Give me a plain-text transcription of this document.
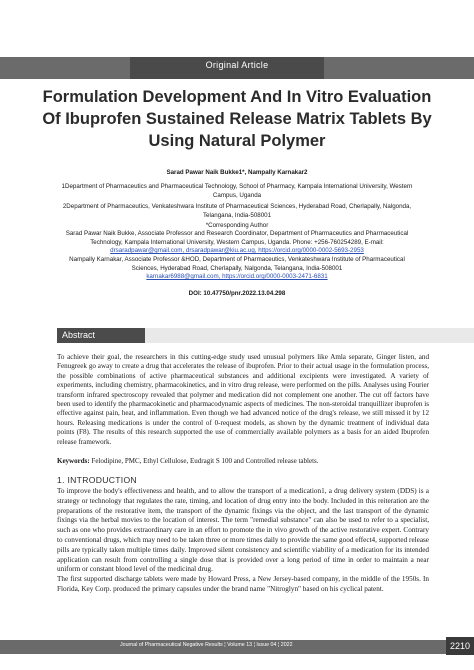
Original Article
Formulation Development And In Vitro Evaluation Of Ibuprofen Sustained Release Matrix Tablets By Using Natural Polymer
Sarad Pawar Naik Bukke1*, Nampally Karnakar2
1Department of Pharmaceutics and Pharmaceutical Technology, School of Pharmacy, Kampala International University, Western Campus, Uganda
2Department of Pharmaceutics, Venkateshwara Institute of Pharmaceutical Sciences, Hyderabad Road, Cherlapally, Nalgonda, Telangana, India-508001
*Corresponding Author
Sarad Pawar Naik Bukke, Associate Professor and Research Coordinator, Department of Pharmaceutics and Pharmaceutical Technology, Kampala International University, Western Campus, Uganda. Phone: +256-760254289, E-mail:
drsaradpawar@gmail.com, drsaradpawar@kiu.ac.ug, https://orcid.org/0000-0002-5693-2953
Nampally Karnakar, Associate Professor &HOD, Department of Pharmaceutics, Venkateshwara Institute of Pharmaceutical Sciences, Hyderabad Road, Cherlapally, Nalgonda, Telangana, India-508001
karnakar6988@gmail.com, https://orcid.org/0000-0003-2471-6831
DOI: 10.47750/pnr.2022.13.04.298
Abstract
To achieve their goal, the researchers in this cutting-edge study used unusual polymers like Amla separate, Ginger listen, and Fenugreek go away to create a drug that accelerates the release of ibuprofen. Prior to their actual usage in the formulation process, the possible combinations of active pharmaceutical substances and additional excipients were investigated. A variety of experiments, including chemistry, pharmacokinetics, and in vitro drug release, were performed on the pills. Analyses using Fourier transform infrared spectroscopy revealed that polymer and medication did not complement one another. The cut off factors have been used to identify the pharmacokinetic and pharmacodynamic aspects of medicines. The non-steroidal tranquillizer ibuprofen is effective against pain, heat, and inflammation. Even though we had advanced notice of the drug's release, we still missed it by 12 hours. Releasing medications is under the control of 0-request models, as shown by the dynamic treatment of individual data points (F8). The results of this research supported the use of commercially available polymers as a basis for an aided Ibuprofen release framework.
Keywords: Felodipine, PMC, Ethyl Cellulose, Eudragit S 100 and Controlled release tablets.
1. INTRODUCTION

To improve the body's effectiveness and health, and to allow the transport of a medication1, a drug delivery system (DDS) is a strategy or technology that regulates the rate, timing, and location of drug entry into the body. Included in this reiteration are the preparations of the restorative item, the transport of the dynamic fixings via the object, and the last transport of the dynamic fixings via the herbal movies to the location of interest. The term "remedial substance" can also be used to refer to a specialist, such as one who provides extraordinary care in an effort to promote the in vivo growth of the active restorative expert. Contrary to conventional drugs, which may need to be taken three or more times daily to provide the same good effect4, supported release pills are typically taken multiple times daily. Improved silent consistency and scientific viability of a medication for its intended application can result from controlling a single dose that is provided over a long period of time in order to maintain a near uniform or constant blood level of the medicinal drug.

The first supported discharge tablets were made by Howard Press, a New Jersey-based company, in the middle of the 1950s. In Florida, Key Corp. produced the primary capsules under the brand name "Nitroglyn" based on his cyclical patent.

Journal of Pharmaceutical Negative Results ¦ Volume 13 ¦ Issue 04 ¦ 2022	2210
